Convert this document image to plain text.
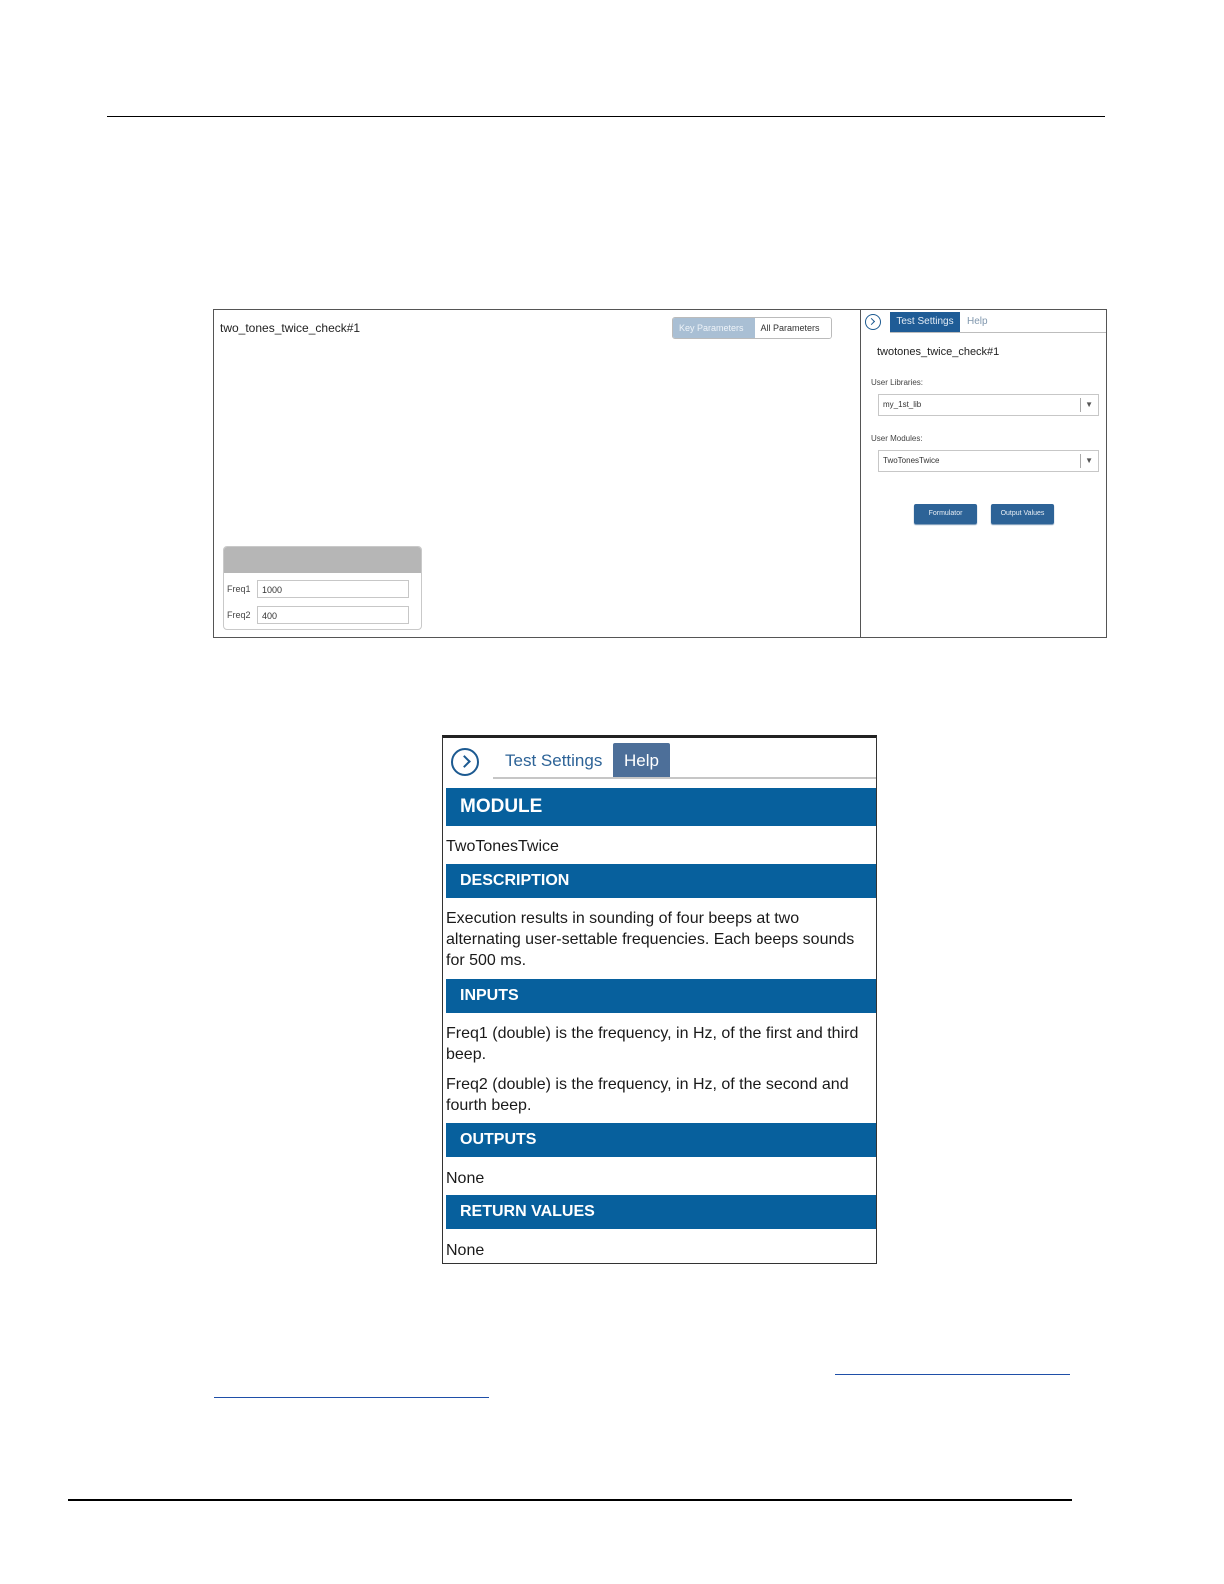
two_tones_twice_check#1	Key Parameters	All Parameters
Freq1	1000
Freq2	400
Test Settings	Help
twotones_twice_check#1
User Libraries:
my_1st_lib	▼
User Modules:
TwoTonesTwice	▼
Formulator	Output Values
Test Settings	Help
MODULE
TwoTonesTwice
DESCRIPTION
Execution results in sounding of four beeps at two alternating user-settable frequencies. Each beeps sounds for 500 ms.
INPUTS
Freq1 (double) is the frequency, in Hz, of the first and third beep.
Freq2 (double) is the frequency, in Hz, of the second and fourth beep.
OUTPUTS
None
RETURN VALUES
None
